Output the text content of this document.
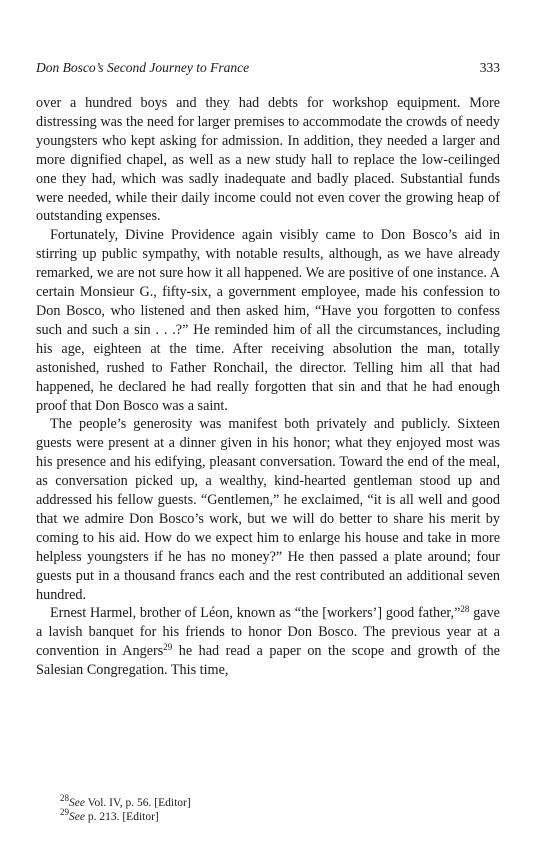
Don Bosco’s Second Journey to France	333

over a hundred boys and they had debts for workshop equipment. More distressing was the need for larger premises to accommodate the crowds of needy youngsters who kept asking for admission. In addition, they needed a larger and more dignified chapel, as well as a new study hall to replace the low-ceilinged one they had, which was sadly inadequate and badly placed. Substantial funds were needed, while their daily income could not even cover the growing heap of outstanding expenses.

Fortunately, Divine Providence again visibly came to Don Bosco’s aid in stirring up public sympathy, with notable results, although, as we have already remarked, we are not sure how it all happened. We are positive of one instance. A certain Monsieur G., fifty-six, a government employee, made his confession to Don Bosco, who listened and then asked him, “Have you forgotten to confess such and such a sin . . .?” He reminded him of all the circumstances, including his age, eighteen at the time. After receiving absolution the man, totally astonished, rushed to Father Ronchail, the director. Telling him all that had happened, he declared he had really forgotten that sin and that he had enough proof that Don Bosco was a saint.

The people’s generosity was manifest both privately and publicly. Sixteen guests were present at a dinner given in his honor; what they enjoyed most was his presence and his edifying, pleasant conversation. Toward the end of the meal, as conversation picked up, a wealthy, kind-hearted gentleman stood up and addressed his fellow guests. “Gentlemen,” he exclaimed, “it is all well and good that we admire Don Bosco’s work, but we will do better to share his merit by coming to his aid. How do we expect him to enlarge his house and take in more helpless youngsters if he has no money?” He then passed a plate around; four guests put in a thousand francs each and the rest contributed an additional seven hundred.

Ernest Harmel, brother of Léon, known as “the [workers’] good father,”$^{28}$ gave a lavish banquet for his friends to honor Don Bosco. The previous year at a convention in Angers$^{29}$ he had read a paper on the scope and growth of the Salesian Congregation. This time,

$^{28}$See Vol. IV, p. 56. [Editor]

$^{29}$See p. 213. [Editor]
